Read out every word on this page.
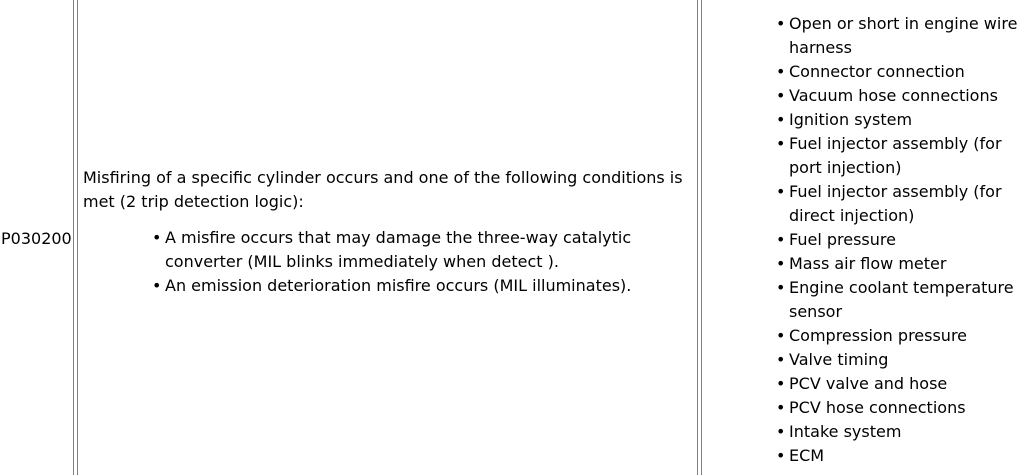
P030200

Misfiring of a specific cylinder occurs and one of the following conditions is met (2 trip detection logic):

• A misfire occurs that may damage the three-way catalytic converter (MIL blinks immediately when detect ).
• An emission deterioration misfire occurs (MIL illuminates).
• Open or short in engine wire harness
• Connector connection
• Vacuum hose connections
• Ignition system
• Fuel injector assembly (for port injection)
• Fuel injector assembly (for direct injection)
• Fuel pressure
• Mass air flow meter
• Engine coolant temperature sensor
• Compression pressure
• Valve timing
• PCV valve and hose
• PCV hose connections
• Intake system
• ECM
